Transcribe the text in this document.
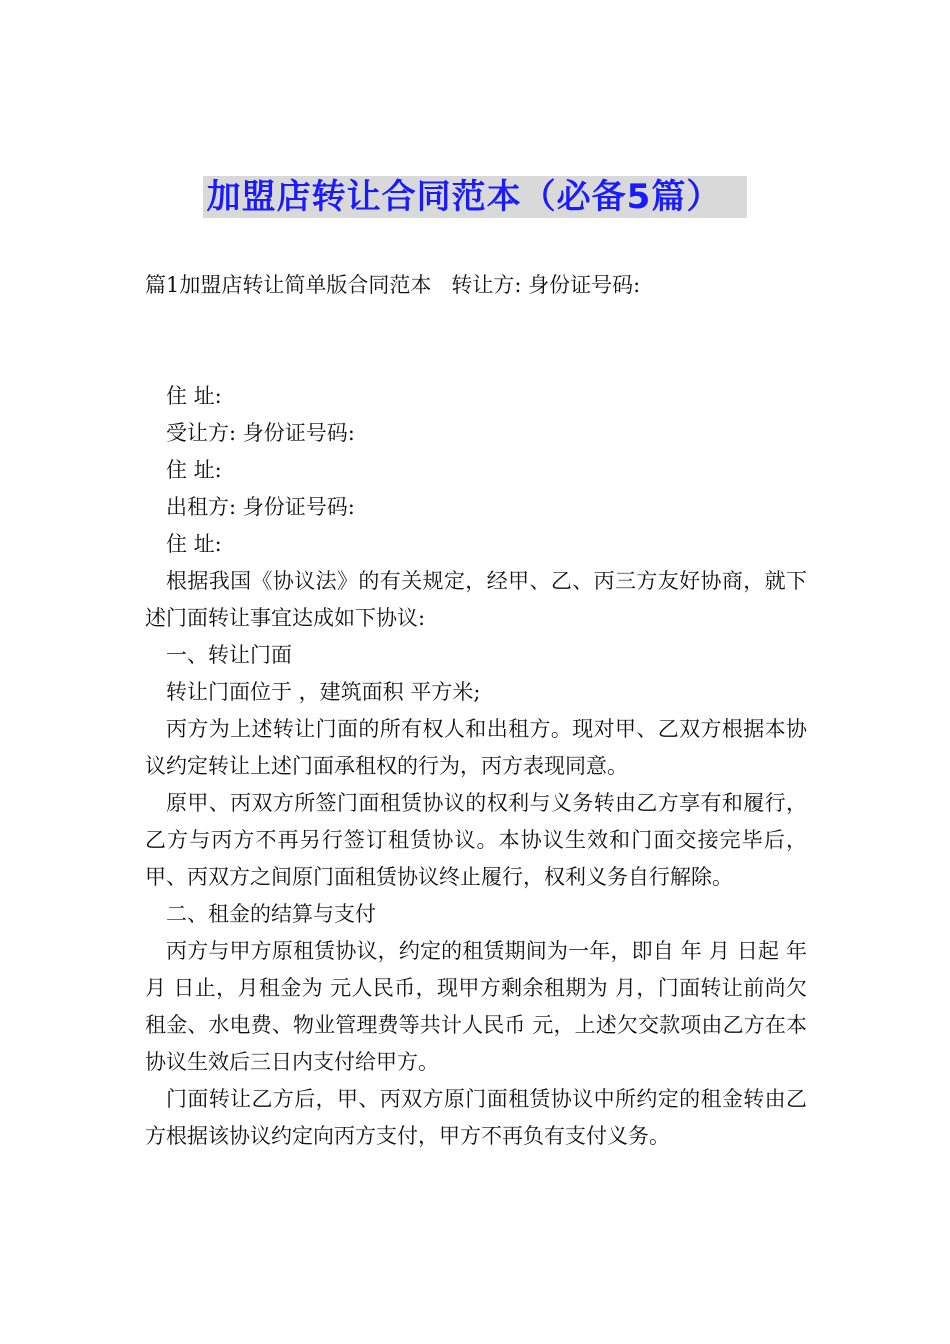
加盟店转让合同范本（必备5篇）
篇1加盟店转让简单版合同范本 转让方: 身份证号码:

住 址:

受让方: 身份证号码:

住 址:

出租方: 身份证号码:

住 址:

根据我国《协议法》的有关规定，经甲、乙、丙三方友好协商，就下述门面转让事宜达成如下协议:

一、转让门面

转让门面位于 ，建筑面积 平方米;

丙方为上述转让门面的所有权人和出租方。现对甲、乙双方根据本协议约定转让上述门面承租权的行为，丙方表现同意。

原甲、丙双方所签门面租赁协议的权利与义务转由乙方享有和履行，乙方与丙方不再另行签订租赁协议。本协议生效和门面交接完毕后，甲、丙双方之间原门面租赁协议终止履行，权利义务自行解除。

二、租金的结算与支付

丙方与甲方原租赁协议，约定的租赁期间为一年，即自 年 月 日起 年 月 日止，月租金为 元人民币，现甲方剩余租期为 月，门面转让前尚欠租金、水电费、物业管理费等共计人民币 元，上述欠交款项由乙方在本协议生效后三日内支付给甲方。

门面转让乙方后，甲、丙双方原门面租赁协议中所约定的租金转由乙方根据该协议约定向丙方支付，甲方不再负有支付义务。
